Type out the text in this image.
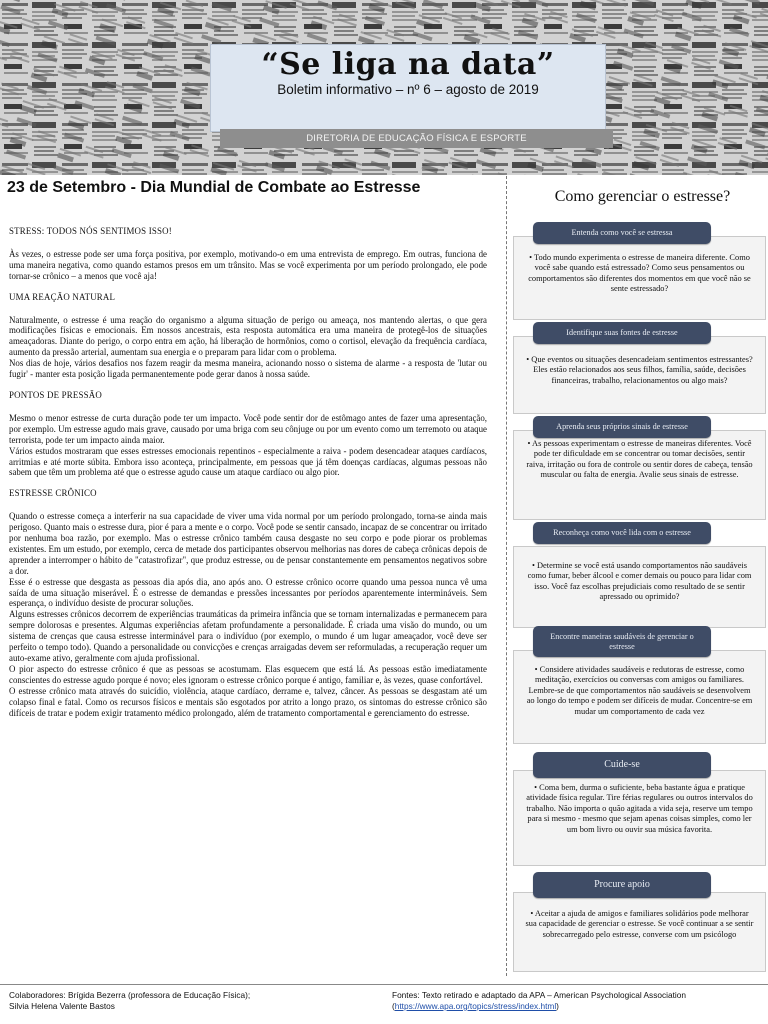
“Se liga na data”
Boletim informativo – nº 6 – agosto de 2019
DIRETORIA DE EDUCAÇÃO FÍSICA E ESPORTE
23 de Setembro - Dia Mundial de Combate ao Estresse

STRESS: TODOS NÓS SENTIMOS ISSO!

Às vezes, o estresse pode ser uma força positiva, por exemplo, motivando-o em uma entrevista de emprego. Em outras, funciona de uma maneira negativa, como quando estamos presos em um trânsito. Mas se você experimenta por um período prolongado, ele pode tornar-se crônico – a menos que você aja!

UMA REAÇÃO NATURAL

Naturalmente, o estresse é uma reação do organismo a alguma situação de perigo ou ameaça, nos mantendo alertas, o que gera modificações físicas e emocionais. Em nossos ancestrais, esta resposta automática era uma maneira de protegê-los de situações ameaçadoras. Diante do perigo, o corpo entra em ação, há liberação de hormônios, como o cortisol, elevação da frequência cardíaca, aumento da pressão arterial, aumentam sua energia e o preparam para lidar com o problema.

Nos dias de hoje, vários desafios nos fazem reagir da mesma maneira, acionando nosso o sistema de alarme - a resposta de 'lutar ou fugir' - manter esta posição ligada permanentemente pode gerar danos à nossa saúde.

PONTOS DE PRESSÃO

Mesmo o menor estresse de curta duração pode ter um impacto. Você pode sentir dor de estômago antes de fazer uma apresentação, por exemplo. Um estresse agudo mais grave, causado por uma briga com seu cônjuge ou por um evento como um terremoto ou ataque terrorista, pode ter um impacto ainda maior.

Vários estudos mostraram que esses estresses emocionais repentinos - especialmente a raiva - podem desencadear ataques cardíacos, arritmias e até morte súbita. Embora isso aconteça, principalmente, em pessoas que já têm doenças cardíacas, algumas pessoas não sabem que têm um problema até que o estresse agudo cause um ataque cardíaco ou algo pior.

ESTRESSE CRÔNICO

Quando o estresse começa a interferir na sua capacidade de viver uma vida normal por um período prolongado, torna-se ainda mais perigoso. Quanto mais o estresse dura, pior é para a mente e o corpo. Você pode se sentir cansado, incapaz de se concentrar ou irritado por nenhuma boa razão, por exemplo. Mas o estresse crônico também causa desgaste no seu corpo e pode piorar os problemas existentes. Em um estudo, por exemplo, cerca de metade dos participantes observou melhorias nas dores de cabeça crônicas depois de aprender a interromper o hábito de "catastrofizar", que produz estresse, ou de pensar constantemente em pensamentos negativos sobre a dor.

Esse é o estresse que desgasta as pessoas dia após dia, ano após ano. O estresse crônico ocorre quando uma pessoa nunca vê uma saída de uma situação miserável. É o estresse de demandas e pressões incessantes por períodos aparentemente intermináveis. Sem esperança, o indivíduo desiste de procurar soluções.

Alguns estresses crônicos decorrem de experiências traumáticas da primeira infância que se tornam internalizadas e permanecem para sempre dolorosas e presentes. Algumas experiências afetam profundamente a personalidade. É criada uma visão do mundo, ou um sistema de crenças que causa estresse interminável para o indivíduo (por exemplo, o mundo é um lugar ameaçador, você deve ser perfeito o tempo todo). Quando a personalidade ou convicções e crenças arraigadas devem ser reformuladas, a recuperação requer um auto-exame ativo, geralmente com ajuda profissional.

O pior aspecto do estresse crônico é que as pessoas se acostumam. Elas esquecem que está lá. As pessoas estão imediatamente conscientes do estresse agudo porque é novo; eles ignoram o estresse crônico porque é antigo, familiar e, às vezes, quase confortável.

O estresse crônico mata através do suicídio, violência, ataque cardíaco, derrame e, talvez, câncer. As pessoas se desgastam até um colapso final e fatal. Como os recursos físicos e mentais são esgotados por atrito a longo prazo, os sintomas do estresse crônico são difíceis de tratar e podem exigir tratamento médico prolongado, além de tratamento comportamental e gerenciamento do estresse.

Como gerenciar o estresse?
Entenda como você se estressa
• Todo mundo experimenta o estresse de maneira diferente. Como você sabe quando está estressado? Como seus pensamentos ou comportamentos são diferentes dos momentos em que você não se sente estressado?
Identifique suas fontes de estresse
• Que eventos ou situações desencadeiam sentimentos estressantes? Eles estão relacionados aos seus filhos, família, saúde, decisões financeiras, trabalho, relacionamentos ou algo mais?
Aprenda seus próprios sinais de estresse
• As pessoas experimentam o estresse de maneiras diferentes. Você pode ter dificuldade em se concentrar ou tomar decisões, sentir raiva, irritação ou fora de controle ou sentir dores de cabeça, tensão muscular ou falta de energia. Avalie seus sinais de estresse.
Reconheça como você lida com o estresse
• Determine se você está usando comportamentos não saudáveis como fumar, beber álcool e comer demais ou pouco para lidar com isso. Você faz escolhas prejudiciais como resultado de se sentir apressado ou oprimido?
Encontre maneiras saudáveis de gerenciar o estresse
• Considere atividades saudáveis e redutoras de estresse, como meditação, exercícios ou conversas com amigos ou familiares. Lembre-se de que comportamentos não saudáveis se desenvolvem ao longo do tempo e podem ser difíceis de mudar. Concentre-se em mudar um comportamento de cada vez
Cuide-se
• Coma bem, durma o suficiente, beba bastante água e pratique atividade física regular. Tire férias regulares ou outros intervalos do trabalho. Não importa o quão agitada a vida seja, reserve um tempo para si mesmo - mesmo que sejam apenas coisas simples, como ler um bom livro ou ouvir sua música favorita.
Procure apoio
• Aceitar a ajuda de amigos e familiares solidários pode melhorar sua capacidade de gerenciar o estresse. Se você continuar a se sentir sobrecarregado pelo estresse, converse com um psicólogo
Colaboradores: Brígida Bezerra (professora de Educação Física);
Silvia Helena Valente Bastos
Fontes: Texto retirado e adaptado da APA – American Psychological Association
(https://www.apa.org/topics/stress/index.html)
